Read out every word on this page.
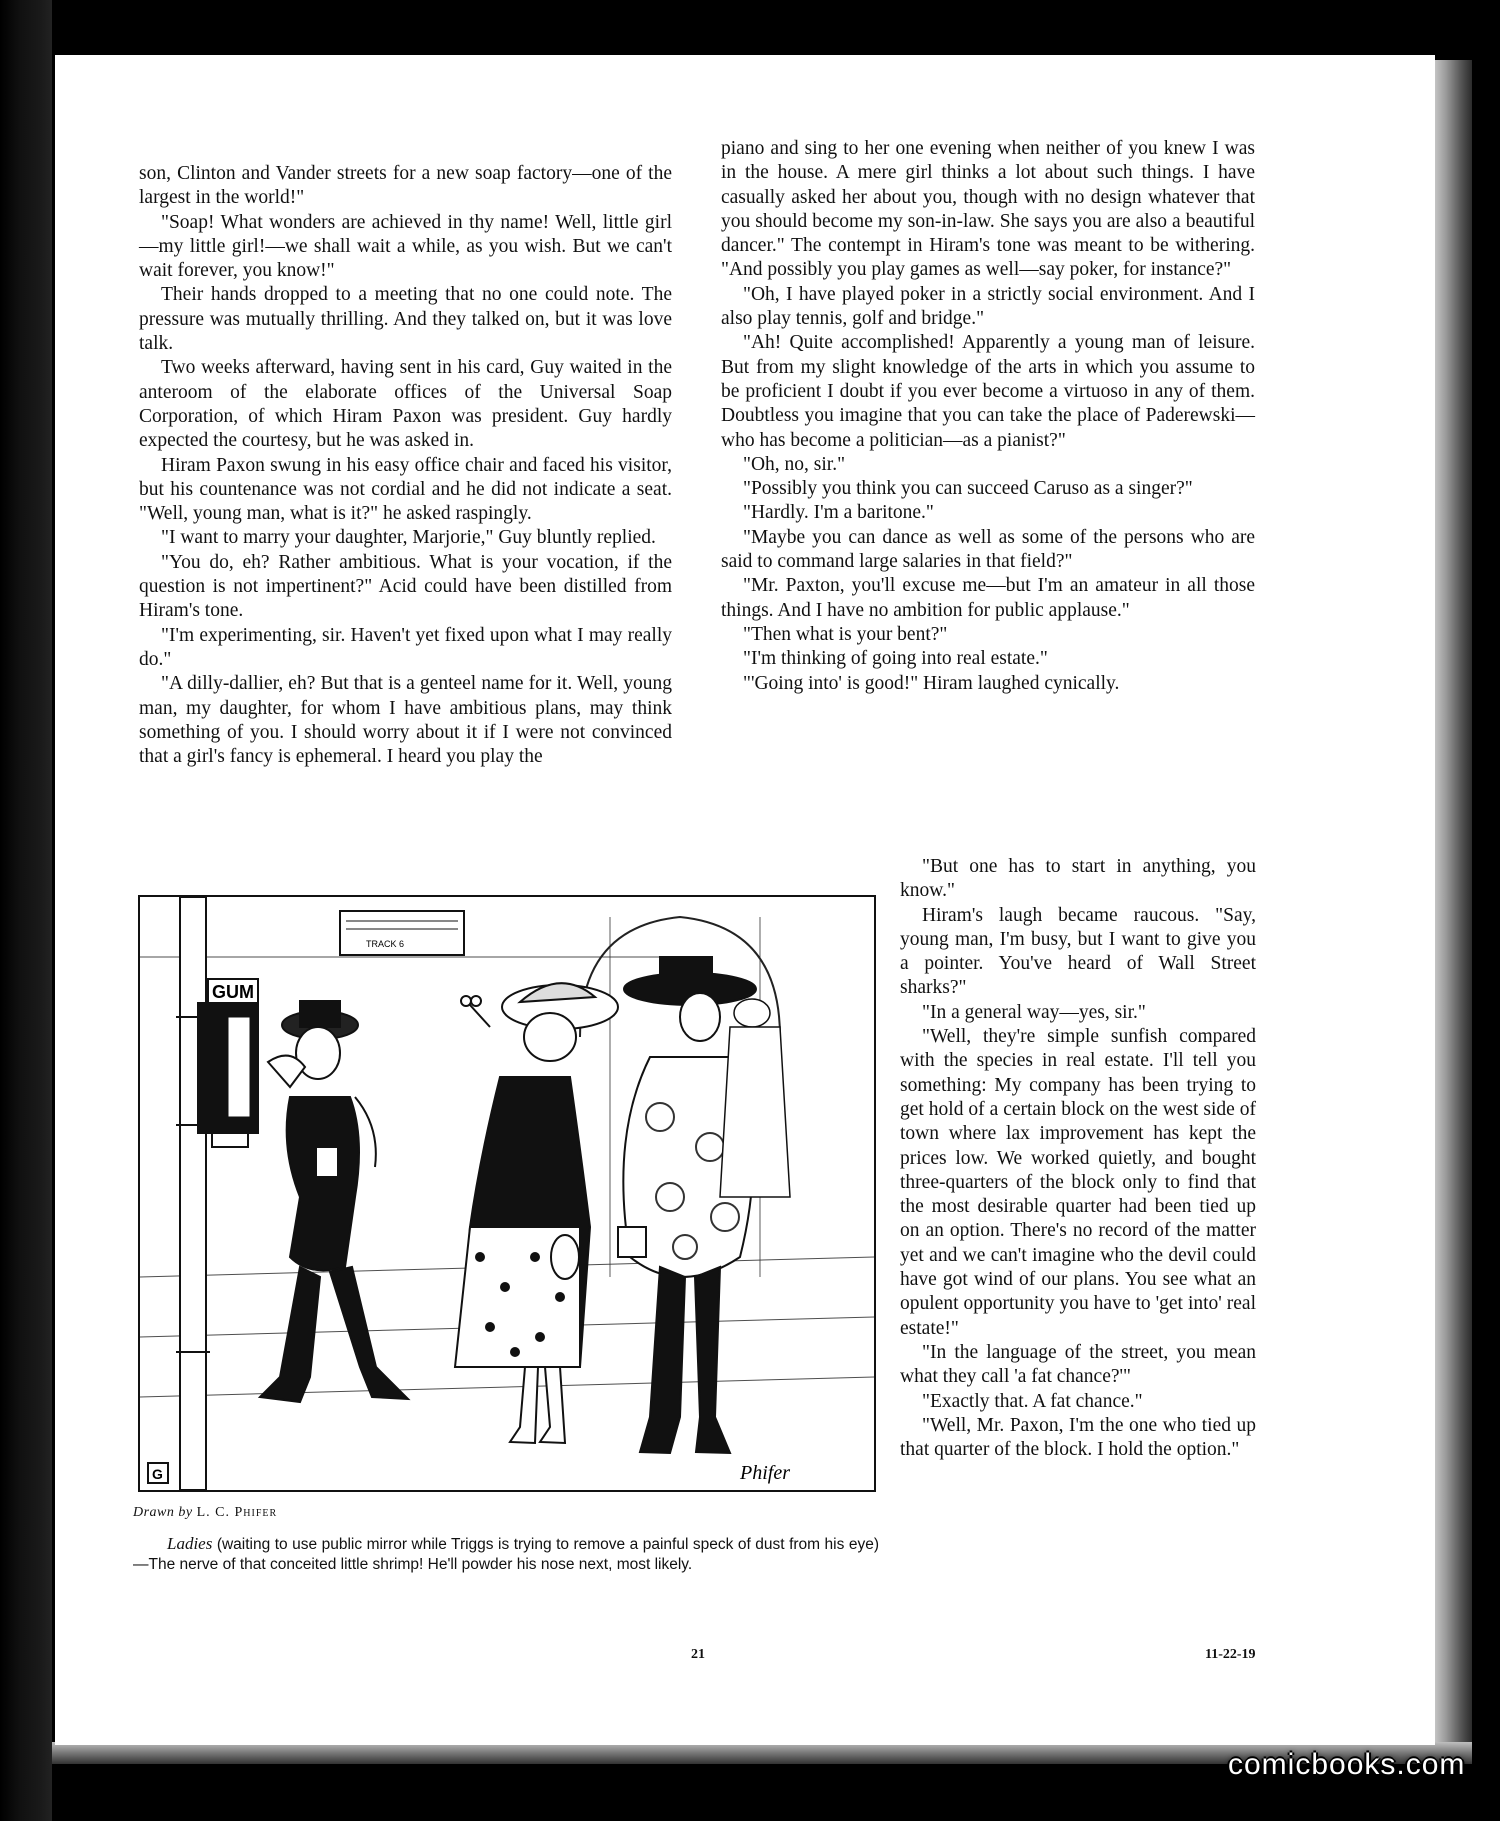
son, Clinton and Vander streets for a new soap factory—one of the largest in the world!"

"Soap! What wonders are achieved in thy name! Well, little girl—my little girl!—we shall wait a while, as you wish. But we can't wait forever, you know!"

Their hands dropped to a meeting that no one could note. The pressure was mutually thrilling. And they talked on, but it was love talk.

Two weeks afterward, having sent in his card, Guy waited in the anteroom of the elaborate offices of the Universal Soap Corporation, of which Hiram Paxon was president. Guy hardly expected the courtesy, but he was asked in.

Hiram Paxon swung in his easy office chair and faced his visitor, but his countenance was not cordial and he did not indicate a seat. "Well, young man, what is it?" he asked raspingly.

"I want to marry your daughter, Marjorie," Guy bluntly replied.

"You do, eh? Rather ambitious. What is your vocation, if the question is not impertinent?" Acid could have been distilled from Hiram's tone.

"I'm experimenting, sir. Haven't yet fixed upon what I may really do."

"A dilly-dallier, eh? But that is a genteel name for it. Well, young man, my daughter, for whom I have ambitious plans, may think something of you. I should worry about it if I were not convinced that a girl's fancy is ephemeral. I heard you play the

piano and sing to her one evening when neither of you knew I was in the house. A mere girl thinks a lot about such things. I have casually asked her about you, though with no design whatever that you should become my son-in-law. She says you are also a beautiful dancer." The contempt in Hiram's tone was meant to be withering. "And possibly you play games as well—say poker, for instance?"

"Oh, I have played poker in a strictly social environment. And I also play tennis, golf and bridge."

"Ah! Quite accomplished! Apparently a young man of leisure. But from my slight knowledge of the arts in which you assume to be proficient I doubt if you ever become a virtuoso in any of them. Doubtless you imagine that you can take the place of Paderewski—who has become a politician—as a pianist?"

"Oh, no, sir."

"Possibly you think you can succeed Caruso as a singer?"

"Hardly. I'm a baritone."

"Maybe you can dance as well as some of the persons who are said to command large salaries in that field?"

"Mr. Paxton, you'll excuse me—but I'm an amateur in all those things. And I have no ambition for public applause."

"Then what is your bent?"

"I'm thinking of going into real estate."

"'Going into' is good!" Hiram laughed cynically.

"But one has to start in anything, you know."

Hiram's laugh became raucous. "Say, young man, I'm busy, but I want to give you a pointer. You've heard of Wall Street sharks?"

"In a general way—yes, sir."

"Well, they're simple sunfish compared with the species in real estate. I'll tell you something: My company has been trying to get hold of a certain block on the west side of town where lax improvement has kept the prices low. We worked quietly, and bought three-quarters of the block only to find that the most desirable quarter had been tied up on an option. There's no record of the matter yet and we can't imagine who the devil could have got wind of our plans. You see what an opulent opportunity you have to 'get into' real estate!"

"In the language of the street, you mean what they call 'a fat chance?'"

"Exactly that. A fat chance."

"Well, Mr. Paxon, I'm the one who tied up that quarter of the block. I hold the option."

GUM
TRACK 6
Phifer
G
Drawn by L. C. Phifer
Ladies (waiting to use public mirror while Triggs is trying to remove a painful speck of dust from his eye)—The nerve of that conceited little shrimp! He'll powder his nose next, most likely.
21	11-22-19
comicbooks.com
